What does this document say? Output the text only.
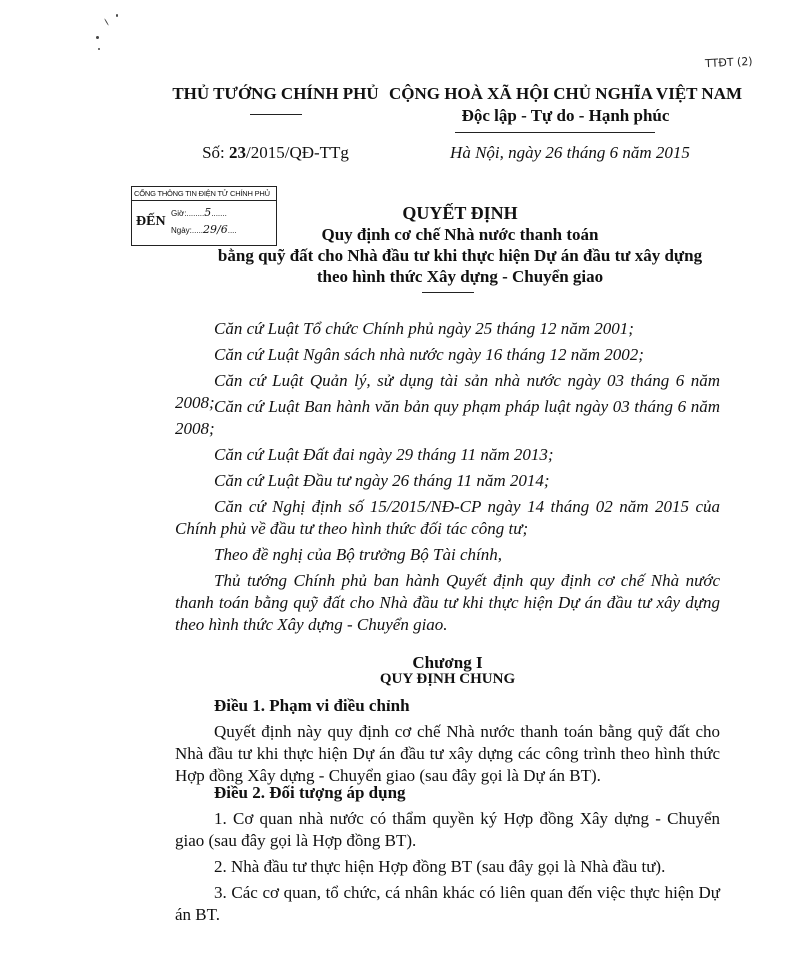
TTĐT (2)
THỦ TƯỚNG CHÍNH PHỦ CỘNG HOÀ XÃ HỘI CHỦ NGHĨA VIỆT NAM
Độc lập - Tự do - Hạnh phúc
Số: 23/2015/QĐ-TTg	Hà Nội, ngày 26 tháng 6 năm 2015
CỔNG THÔNG TIN ĐIỆN TỬ CHÍNH PHỦ
ĐẾN
Giờ:........5.......
Ngày:.....29/6....
QUYẾT ĐỊNH
Quy định cơ chế Nhà nước thanh toán
bằng quỹ đất cho Nhà đầu tư khi thực hiện Dự án đầu tư xây dựng
theo hình thức Xây dựng - Chuyển giao
Căn cứ Luật Tổ chức Chính phủ ngày 25 tháng 12 năm 2001;
Căn cứ Luật Ngân sách nhà nước ngày 16 tháng 12 năm 2002;
Căn cứ Luật Quản lý, sử dụng tài sản nhà nước ngày 03 tháng 6 năm 2008; Căn cứ Luật Ban hành văn bản quy phạm pháp luật ngày 03 tháng 6 năm 2008;
Căn cứ Luật Đất đai ngày 29 tháng 11 năm 2013;
Căn cứ Luật Đầu tư ngày 26 tháng 11 năm 2014;
Căn cứ Nghị định số 15/2015/NĐ-CP ngày 14 tháng 02 năm 2015 của Chính phủ về đầu tư theo hình thức đối tác công tư;
Theo đề nghị của Bộ trưởng Bộ Tài chính,
Thủ tướng Chính phủ ban hành Quyết định quy định cơ chế Nhà nước thanh toán bằng quỹ đất cho Nhà đầu tư khi thực hiện Dự án đầu tư xây dựng theo hình thức Xây dựng - Chuyển giao.
Chương I
QUY ĐỊNH CHUNG
Điều 1. Phạm vi điều chỉnh
Quyết định này quy định cơ chế Nhà nước thanh toán bằng quỹ đất cho Nhà đầu tư khi thực hiện Dự án đầu tư xây dựng các công trình theo hình thức Hợp đồng Xây dựng - Chuyển giao (sau đây gọi là Dự án BT).
Điều 2. Đối tượng áp dụng
1. Cơ quan nhà nước có thẩm quyền ký Hợp đồng Xây dựng - Chuyển giao (sau đây gọi là Hợp đồng BT).
2. Nhà đầu tư thực hiện Hợp đồng BT (sau đây gọi là Nhà đầu tư).
3. Các cơ quan, tổ chức, cá nhân khác có liên quan đến việc thực hiện Dự án BT.
